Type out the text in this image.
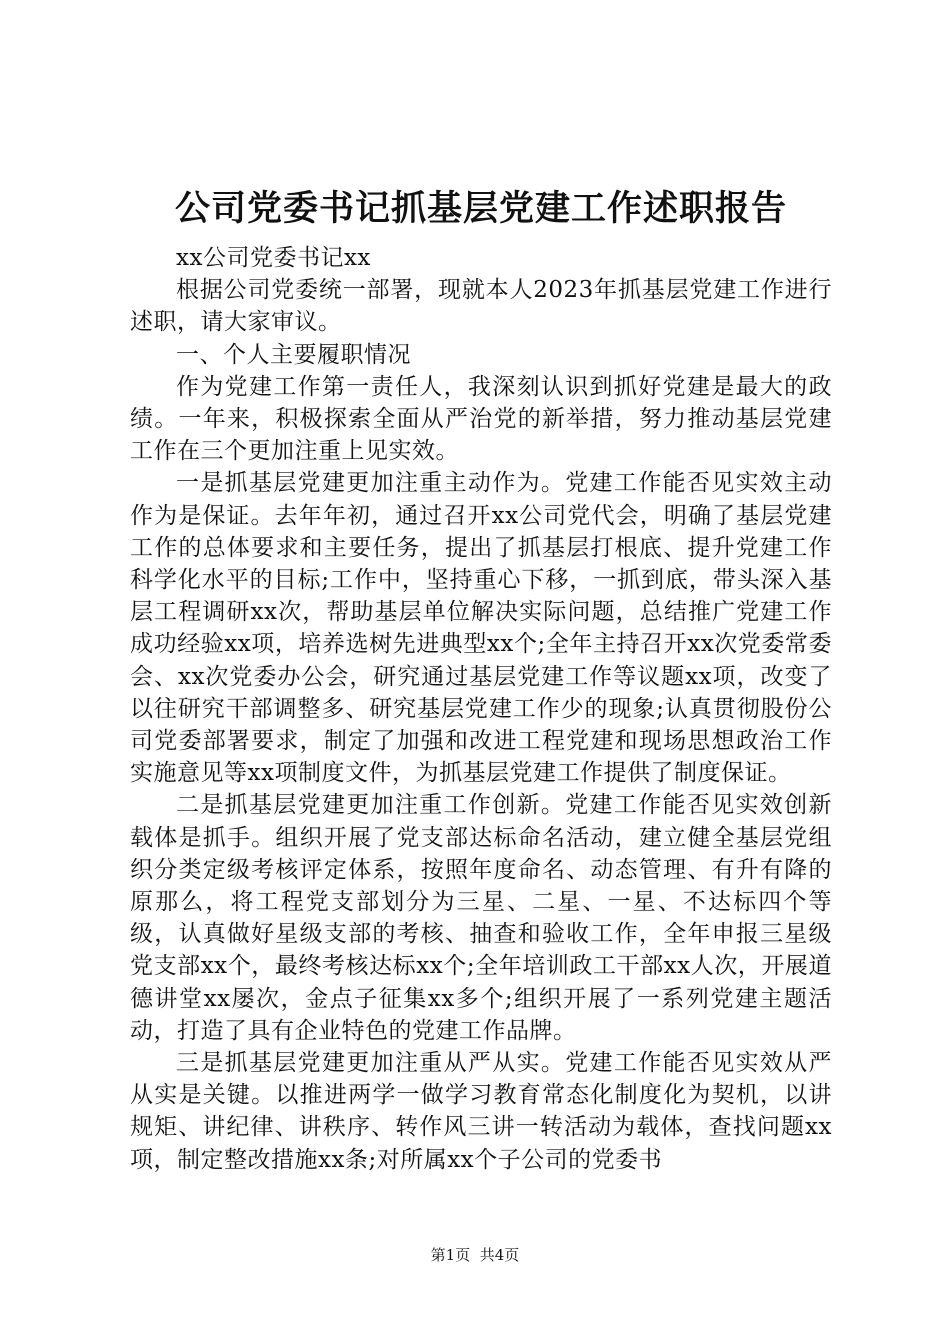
公司党委书记抓基层党建工作述职报告

xx公司党委书记xx

根据公司党委统一部署，现就本人2023年抓基层党建工作进行述职，请大家审议。

一、个人主要履职情况

作为党建工作第一责任人，我深刻认识到抓好党建是最大的政绩。一年来，积极探索全面从严治党的新举措，努力推动基层党建工作在三个更加注重上见实效。

一是抓基层党建更加注重主动作为。党建工作能否见实效主动作为是保证。去年年初，通过召开xx公司党代会，明确了基层党建工作的总体要求和主要任务，提出了抓基层打根底、提升党建工作科学化水平的目标;工作中，坚持重心下移，一抓到底，带头深入基层工程调研xx次，帮助基层单位解决实际问题，总结推广党建工作成功经验xx项，培养选树先进典型xx个;全年主持召开xx次党委常委会、xx次党委办公会，研究通过基层党建工作等议题xx项，改变了以往研究干部调整多、研究基层党建工作少的现象;认真贯彻股份公司党委部署要求，制定了加强和改进工程党建和现场思想政治工作实施意见等xx项制度文件，为抓基层党建工作提供了制度保证。

二是抓基层党建更加注重工作创新。党建工作能否见实效创新载体是抓手。组织开展了党支部达标命名活动，建立健全基层党组织分类定级考核评定体系，按照年度命名、动态管理、有升有降的原那么，将工程党支部划分为三星、二星、一星、不达标四个等级，认真做好星级支部的考核、抽查和验收工作，全年申报三星级党支部xx个，最终考核达标xx个;全年培训政工干部xx人次，开展道德讲堂xx屡次，金点子征集xx多个;组织开展了一系列党建主题活动，打造了具有企业特色的党建工作品牌。

三是抓基层党建更加注重从严从实。党建工作能否见实效从严从实是关键。以推进两学一做学习教育常态化制度化为契机，以讲规矩、讲纪律、讲秩序、转作风三讲一转活动为载体，查找问题xx项，制定整改措施xx条;对所属xx个子公司的党委书

第1页 共4页
